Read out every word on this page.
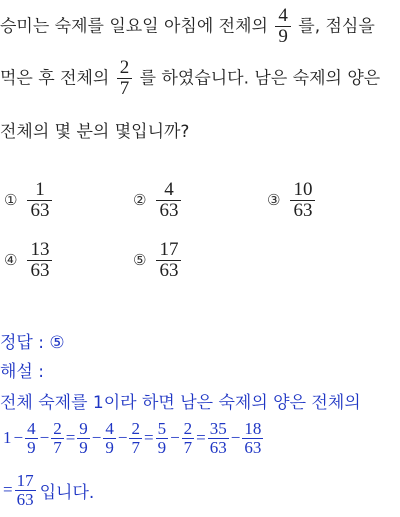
승미는 숙제를 일요일 아침에 전체의 $\frac{4}{9}$ 를, 점심을
먹은 후 전체의 $\frac{2}{7}$ 를 하였습니다. 남은 숙제의 양은
전체의 몇 분의 몇입니까?
① $\frac{1}{63}$	② $\frac{4}{63}$	③ $\frac{10}{63}$
④ $\frac{13}{63}$	⑤ $\frac{17}{63}$
정답 : ⑤
해설 :
전체 숙제를 1이라 하면 남은 숙제의 양은 전체의
$1 - \frac{4}{9} - \frac{2}{7} = \frac{9}{9} - \frac{4}{9} - \frac{2}{7} = \frac{5}{9} - \frac{2}{7} = \frac{35}{63} - \frac{18}{63}$
= $\frac{17}{63}$ 입니다.
